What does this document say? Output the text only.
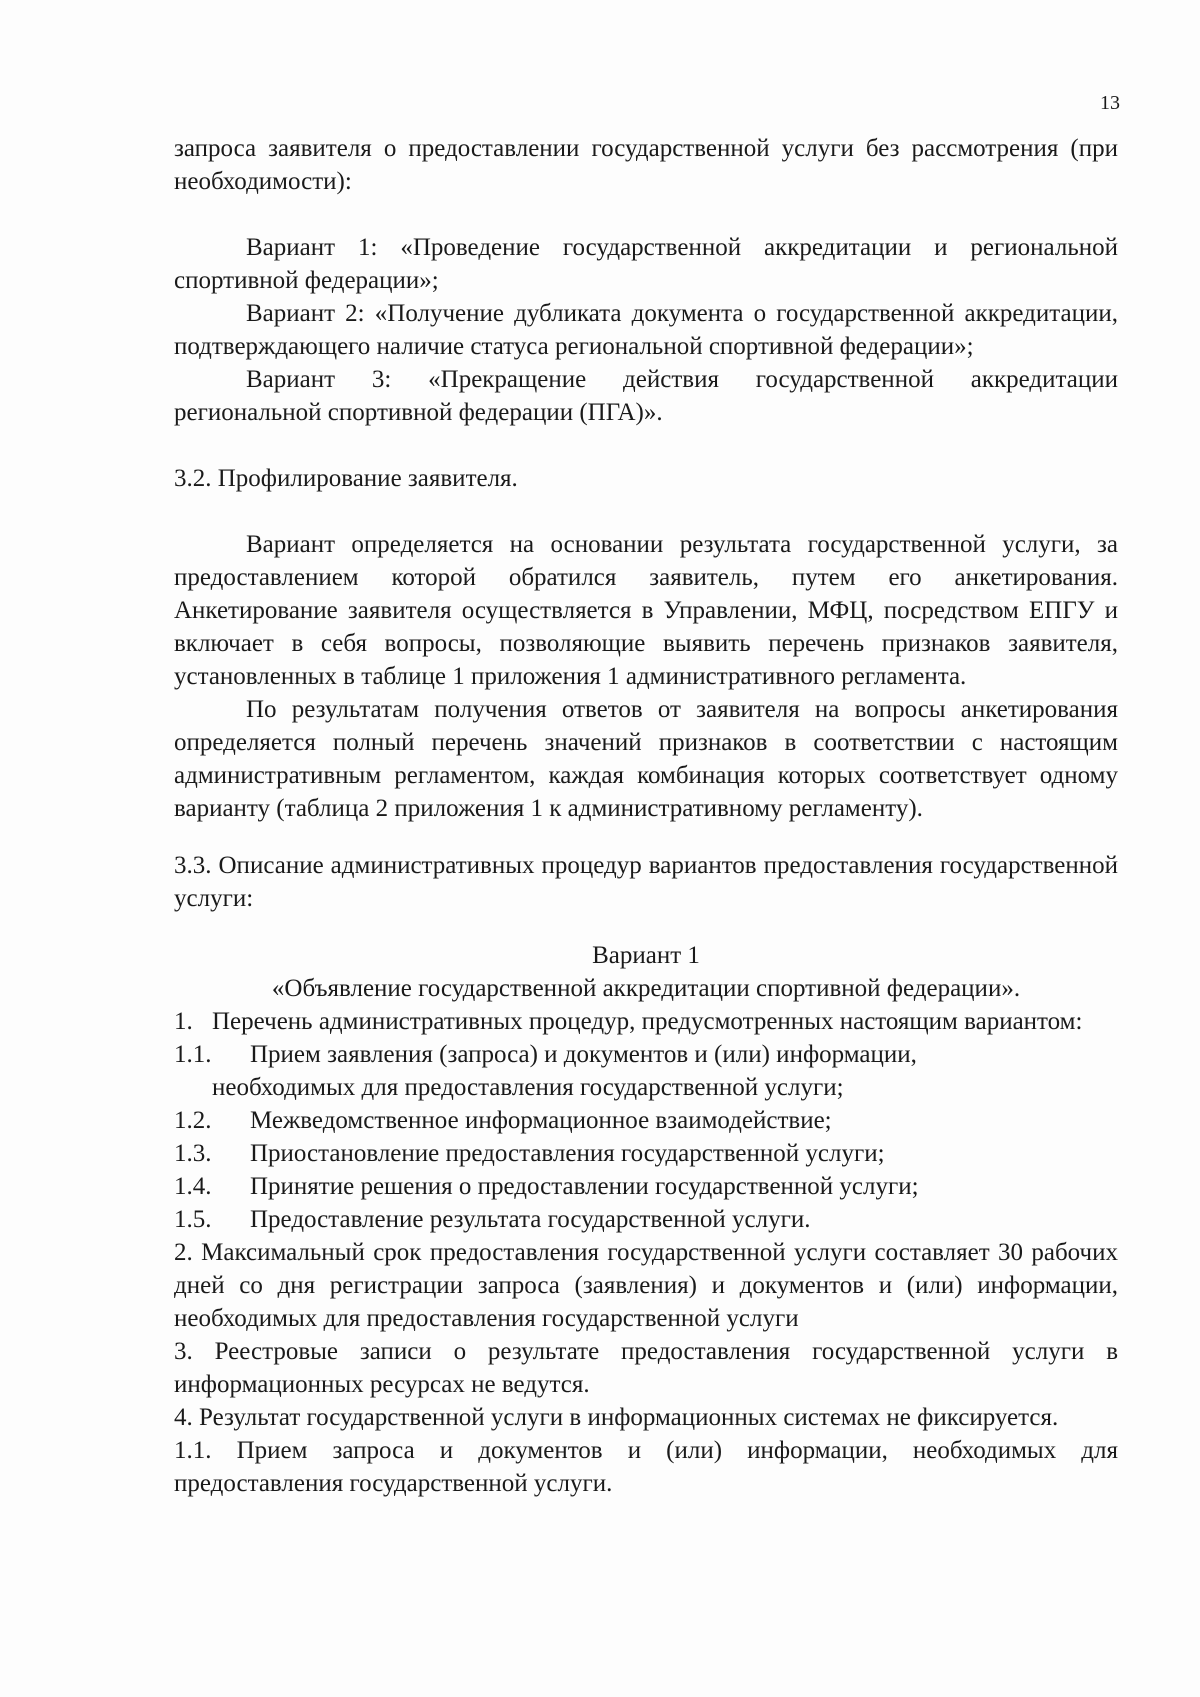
13

запроса заявителя о предоставлении государственной услуги без рассмотрения (при необходимости):

Вариант 1: «Проведение государственной аккредитации и региональной спортивной федерации»;

Вариант 2: «Получение дубликата документа о государственной аккредитации, подтверждающего наличие статуса региональной спортивной федерации»;

Вариант 3: «Прекращение действия государственной аккредитации региональной спортивной федерации (ПГА)».

3.2. Профилирование заявителя.

Вариант определяется на основании результата государственной услуги, за предоставлением которой обратился заявитель, путем его анкетирования. Анкетирование заявителя осуществляется в Управлении, МФЦ, посредством ЕПГУ и включает в себя вопросы, позволяющие выявить перечень признаков заявителя, установленных в таблице 1 приложения 1 административного регламента.

По результатам получения ответов от заявителя на вопросы анкетирования определяется полный перечень значений признаков в соответствии с настоящим административным регламентом, каждая комбинация которых соответствует одному варианту (таблица 2 приложения 1 к административному регламенту).

3.3. Описание административных процедур вариантов предоставления государственной услуги:

Вариант 1

«Объявление государственной аккредитации спортивной федерации».

1. Перечень административных процедур, предусмотренных настоящим вариантом:
1.1.	Прием заявления (запроса) и документов и (или) информации,

необходимых для предоставления государственной услуги;

1.2.	Межведомственное информационное взаимодействие;
1.3.	Приостановление предоставления государственной услуги;
1.4.	Принятие решения о предоставлении государственной услуги;
1.5.	Предоставление результата государственной услуги.

2. Максимальный срок предоставления государственной услуги составляет 30 рабочих дней со дня регистрации запроса (заявления) и документов и (или) информации, необходимых для предоставления государственной услуги

3. Реестровые записи о результате предоставления государственной услуги в информационных ресурсах не ведутся.

4. Результат государственной услуги в информационных системах не фиксируется.

1.1. Прием запроса и документов и (или) информации, необходимых для предоставления государственной услуги.
